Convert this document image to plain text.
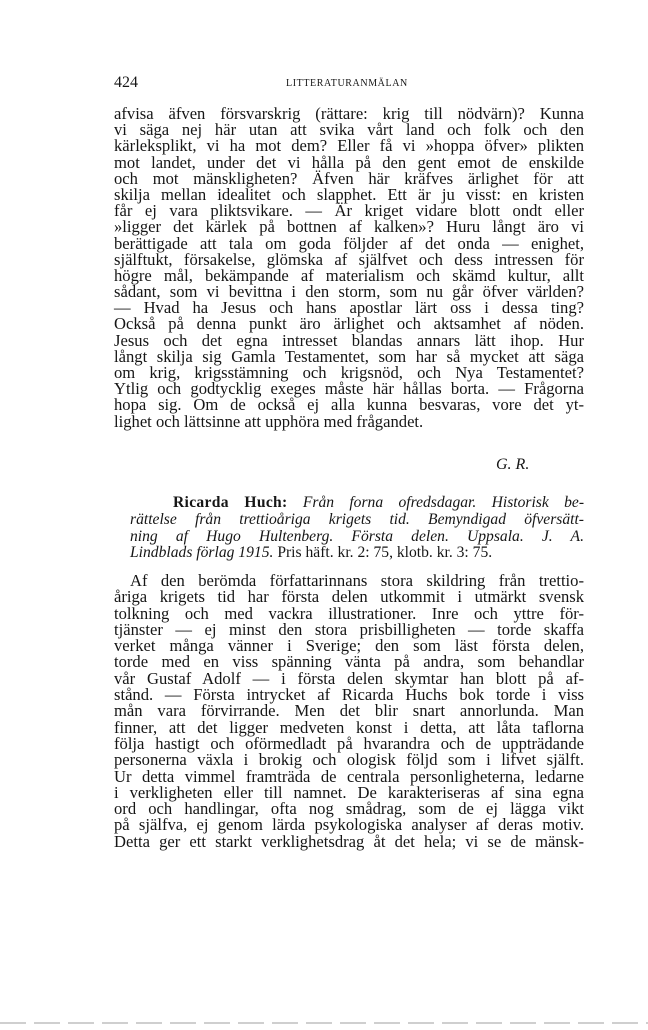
424	LITTERATURANMÄLAN
afvisa äfven försvarskrig (rättare: krig till nödvärn)? Kunna
vi säga nej här utan att svika vårt land och folk och den
kärleksplikt, vi ha mot dem? Eller få vi »hoppa öfver» plikten
mot landet, under det vi hålla på den gent emot de enskilde
och mot mänskligheten? Äfven här kräfves ärlighet för att
skilja mellan idealitet och slapphet. Ett är ju visst: en kristen
får ej vara pliktsvikare. — Är kriget vidare blott ondt eller
»ligger det kärlek på bottnen af kalken»? Huru långt äro vi
berättigade att tala om goda följder af det onda — enighet,
själftukt, försakelse, glömska af själfvet och dess intressen för
högre mål, bekämpande af materialism och skämd kultur, allt
sådant, som vi bevittna i den storm, som nu går öfver världen?
— Hvad ha Jesus och hans apostlar lärt oss i dessa ting?
Också på denna punkt äro ärlighet och aktsamhet af nöden.
Jesus och det egna intresset blandas annars lätt ihop. Hur
långt skilja sig Gamla Testamentet, som har så mycket att säga
om krig, krigsstämning och krigsnöd, och Nya Testamentet?
Ytlig och godtycklig exeges måste här hållas borta. — Frågorna
hopa sig. Om de också ej alla kunna besvaras, vore det yt-
lighet och lättsinne att upphöra med frågandet.
G. R.
Ricarda Huch: Från forna ofredsdagar. Historisk be-
rättelse från trettioåriga krigets tid. Bemyndigad öfversätt-
ning af Hugo Hultenberg. Första delen. Uppsala. J. A.
Lindblads förlag 1915. Pris häft. kr. 2: 75, klotb. kr. 3: 75.
Af den berömda författarinnans stora skildring från trettio-
åriga krigets tid har första delen utkommit i utmärkt svensk
tolkning och med vackra illustrationer. Inre och yttre för-
tjänster — ej minst den stora prisbilligheten — torde skaffa
verket många vänner i Sverige; den som läst första delen,
torde med en viss spänning vänta på andra, som behandlar
vår Gustaf Adolf — i första delen skymtar han blott på af-
stånd. — Första intrycket af Ricarda Huchs bok torde i viss
mån vara förvirrande. Men det blir snart annorlunda. Man
finner, att det ligger medveten konst i detta, att låta taflorna
följa hastigt och oförmedladt på hvarandra och de uppträdande
personerna växla i brokig och ologisk följd som i lifvet själft.
Ur detta vimmel framträda de centrala personligheterna, ledarne
i verkligheten eller till namnet. De karakteriseras af sina egna
ord och handlingar, ofta nog smådrag, som de ej lägga vikt
på själfva, ej genom lärda psykologiska analyser af deras motiv.
Detta ger ett starkt verklighetsdrag åt det hela; vi se de mänsk-
